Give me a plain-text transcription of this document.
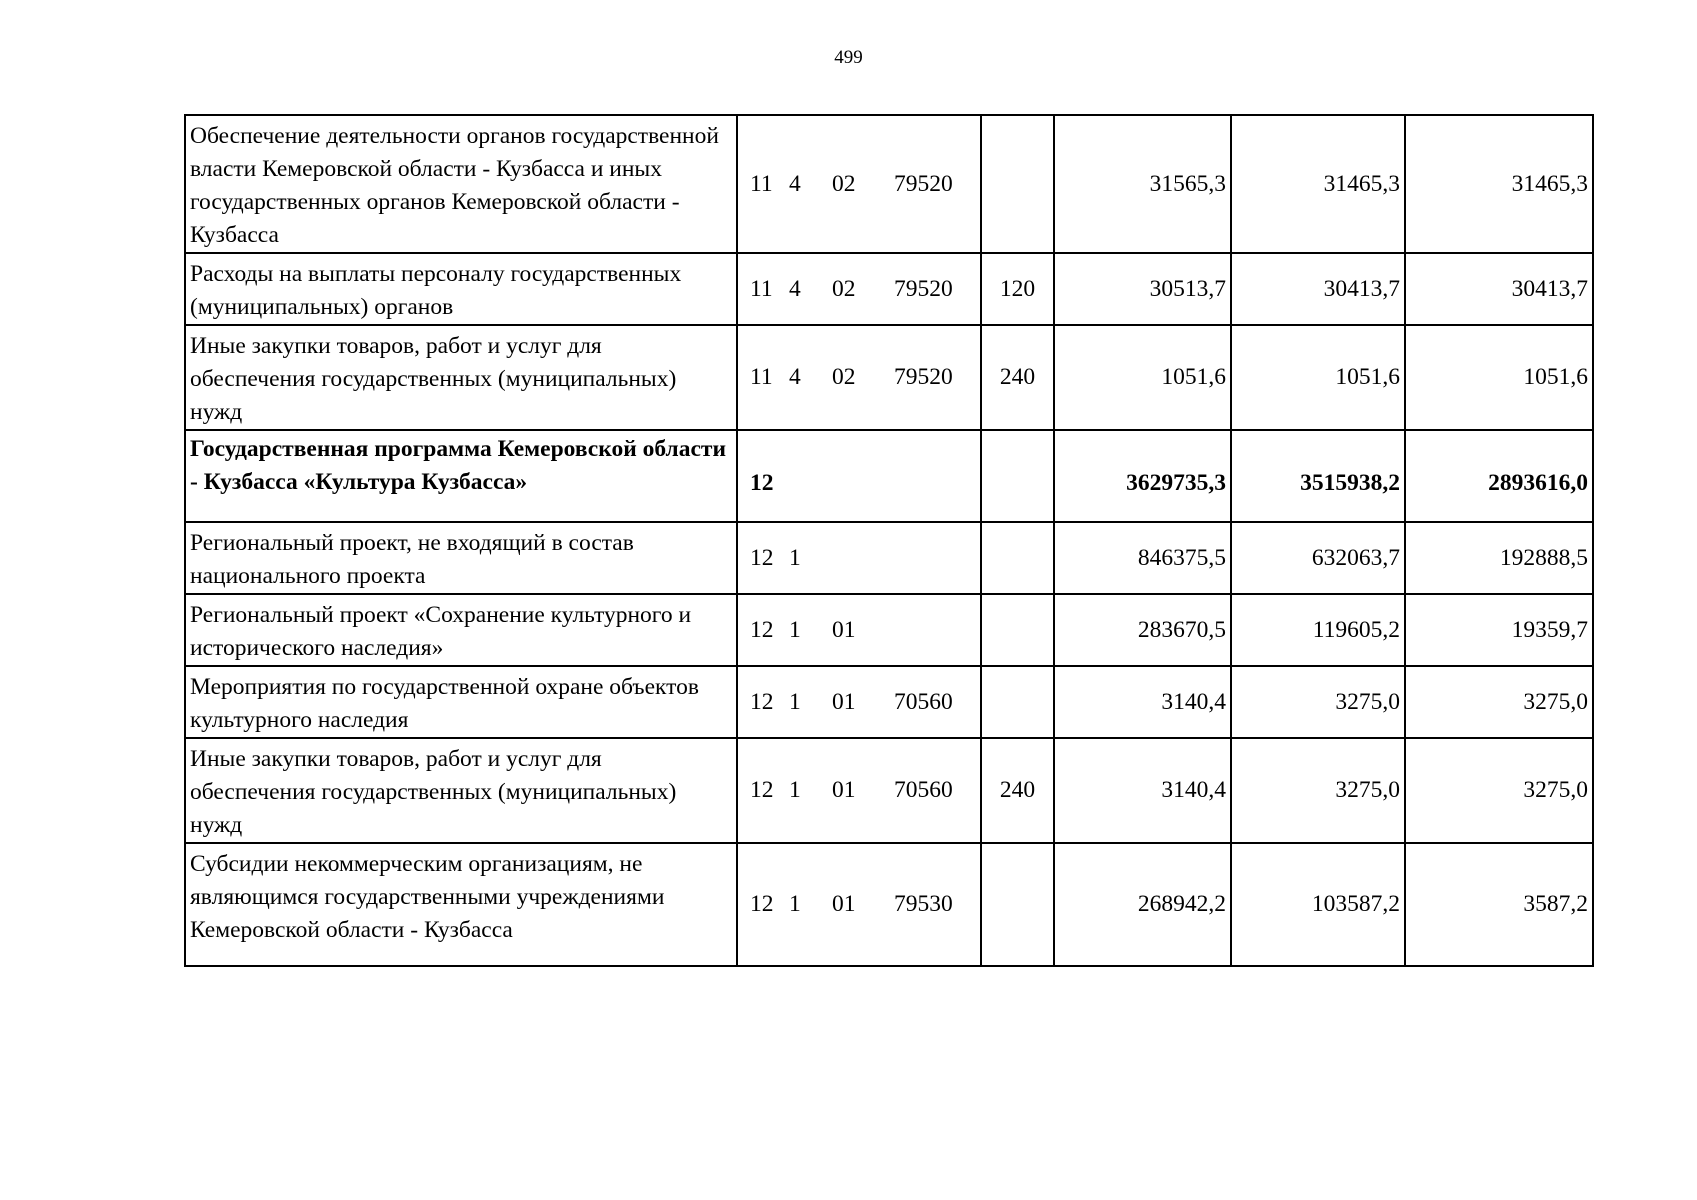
499
Обеспечение деятельности органов государственной власти Кемеровской области - Кузбасса и иных государственных органов Кемеровской области - Кузбасса	11 4 02 79520		31565,3	31465,3	31465,3
Расходы на выплаты персоналу государственных (муниципальных) органов	11 4 02 79520	120	30513,7	30413,7	30413,7
Иные закупки товаров, работ и услуг для обеспечения государственных (муниципальных) нужд	11 4 02 79520	240	1051,6	1051,6	1051,6
Государственная программа Кемеровской области - Кузбасса «Культура Кузбасса»	12		3629735,3	3515938,2	2893616,0
Региональный проект, не входящий в состав национального проекта	12 1		846375,5	632063,7	192888,5
Региональный проект «Сохранение культурного и исторического наследия»	12 1 01		283670,5	119605,2	19359,7
Мероприятия по государственной охране объектов культурного наследия	12 1 01 70560		3140,4	3275,0	3275,0
Иные закупки товаров, работ и услуг для обеспечения государственных (муниципальных) нужд	12 1 01 70560	240	3140,4	3275,0	3275,0
Субсидии некоммерческим организациям, не являющимся государственными учреждениями Кемеровской области - Кузбасса	12 1 01 79530		268942,2	103587,2	3587,2
